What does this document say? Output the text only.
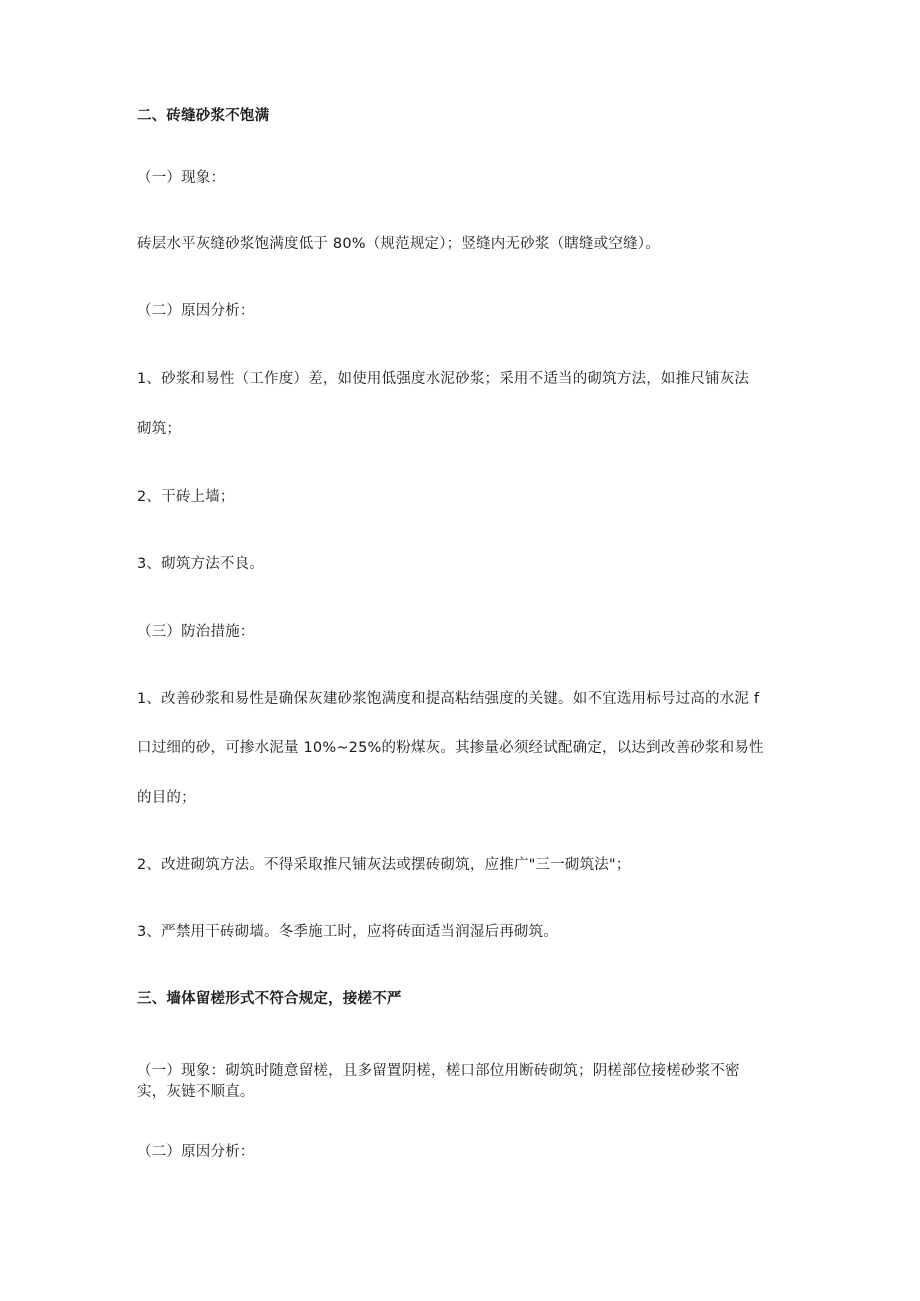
二、砖缝砂浆不饱满
（一）现象：
砖层水平灰缝砂浆饱满度低于 80%（规范规定）；竖缝内无砂浆（瞎缝或空缝）。
（二）原因分析：
1、砂浆和易性（工作度）差，如使用低强度水泥砂浆；采用不适当的砌筑方法，如推尺铺灰法
砌筑；
2、干砖上墙；
3、砌筑方法不良。
（三）防治措施：
1、改善砂浆和易性是确保灰建砂浆饱满度和提高粘结强度的关键。如不宜选用标号过高的水泥 f
口过细的砂，可掺水泥量 10%~25%的粉煤灰。其掺量必须经试配确定，以达到改善砂浆和易性
的目的；
2、改进砌筑方法。不得采取推尺铺灰法或摆砖砌筑，应推广"三一砌筑法"；
3、严禁用干砖砌墙。冬季施工时，应将砖面适当润湿后再砌筑。
三、墙体留槎形式不符合规定，接槎不严
（一）现象：砌筑时随意留槎，且多留置阴槎，槎口部位用断砖砌筑；阴槎部位接槎砂浆不密
实，灰链不顺直。
（二）原因分析：
